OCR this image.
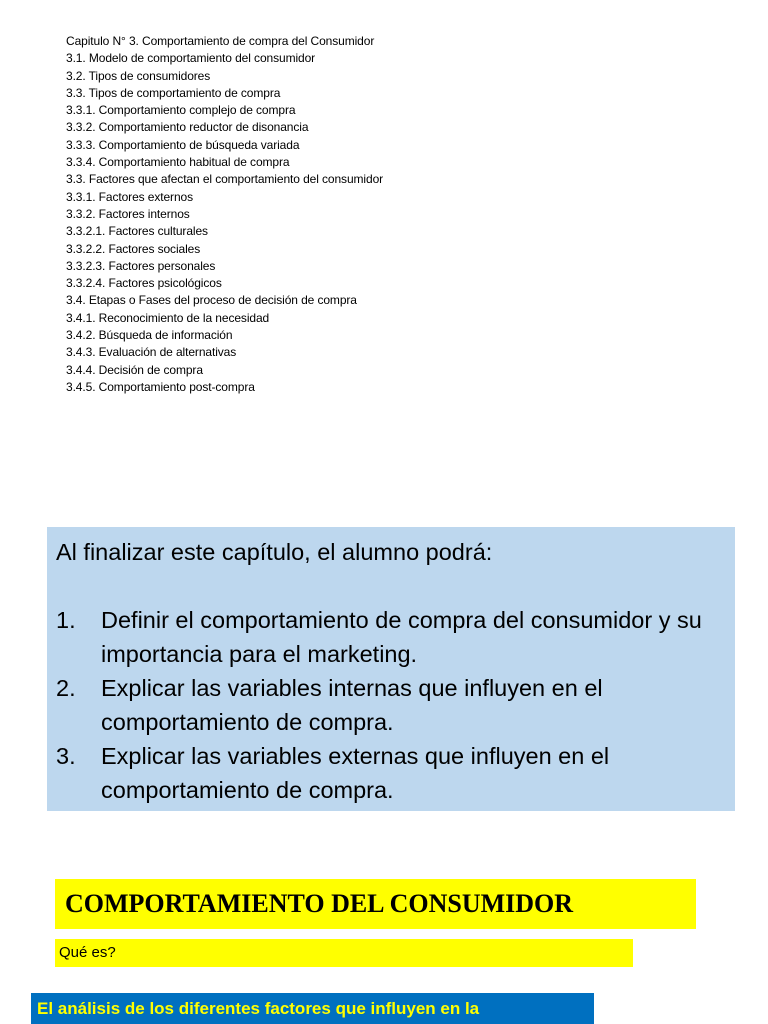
Capitulo N° 3. Comportamiento de compra del Consumidor
3.1. Modelo de comportamiento del consumidor
3.2. Tipos de consumidores
3.3. Tipos de comportamiento de compra
3.3.1. Comportamiento complejo de compra
3.3.2. Comportamiento reductor de disonancia
3.3.3. Comportamiento de búsqueda variada
3.3.4. Comportamiento habitual de compra
3.3. Factores que afectan el comportamiento del consumidor
3.3.1. Factores externos
3.3.2. Factores internos
3.3.2.1. Factores culturales
3.3.2.2. Factores sociales
3.3.2.3. Factores personales
3.3.2.4. Factores psicológicos
3.4. Etapas o Fases del proceso de decisión de compra
3.4.1. Reconocimiento de la necesidad
3.4.2. Búsqueda de información
3.4.3. Evaluación de alternativas
3.4.4. Decisión de compra
3.4.5. Comportamiento post-compra

Al finalizar este capítulo, el alumno podrá:

1. Definir el comportamiento de compra del consumidor y su importancia para el marketing.
2. Explicar las variables internas que influyen en el comportamiento de compra.
3. Explicar las variables externas que influyen en el comportamiento de compra.
COMPORTAMIENTO DEL CONSUMIDOR
Qué es?
El análisis de los diferentes factores que influyen en la
